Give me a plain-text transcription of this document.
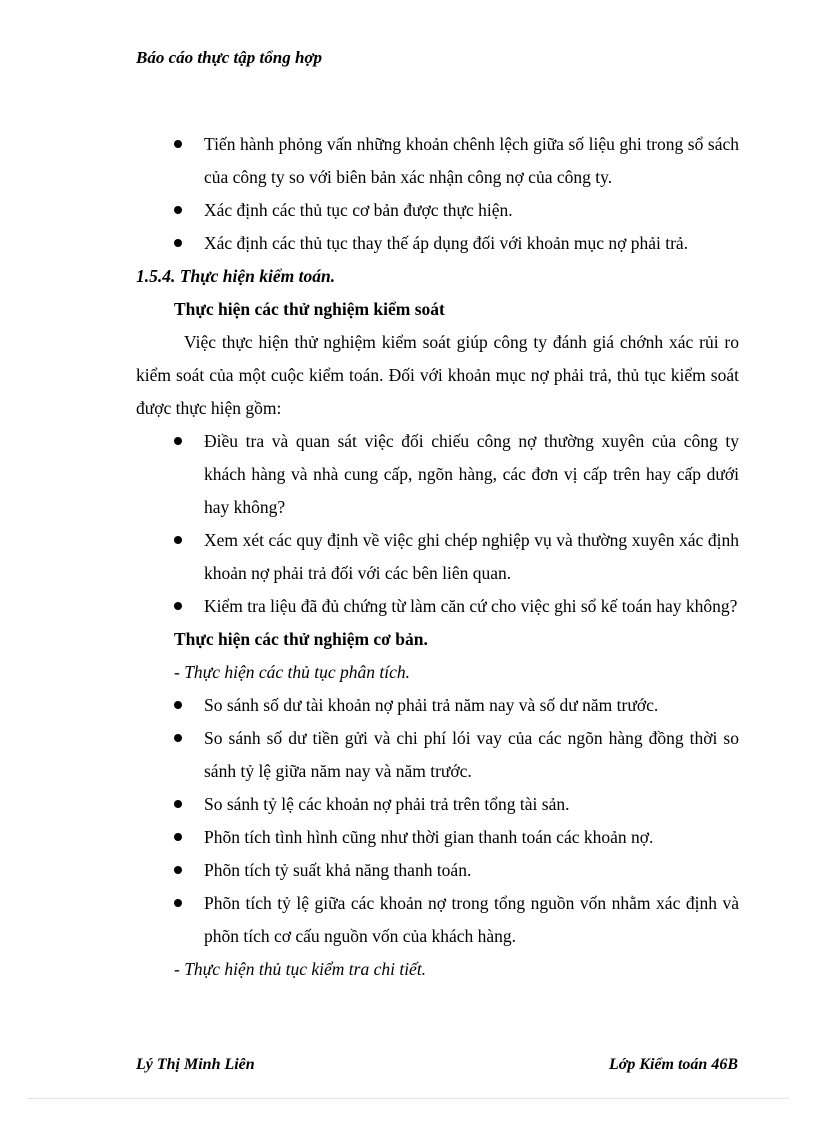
Báo cáo thực tập tổng hợp
Tiến hành phỏng vấn những khoản chênh lệch giữa số liệu ghi trong sổ sách của công ty so với biên bản xác nhận công nợ của công ty.
Xác định các thủ tục cơ bản được thực hiện.
Xác định các thủ tục thay thế áp dụng đối với khoản mục nợ phải trả.
1.5.4. Thực hiện kiểm toán.
Thực hiện các thử nghiệm kiểm soát
Việc thực hiện thử nghiệm kiểm soát giúp công ty đánh giá chớnh xác rủi ro kiểm soát của một cuộc kiểm toán. Đối với khoản mục nợ phải trả, thủ tục kiểm soát được thực hiện gồm:
Điều tra và quan sát việc đối chiếu công nợ thường xuyên của công ty khách hàng và nhà cung cấp, ngõn hàng, các đơn vị cấp trên hay cấp dưới hay không?
Xem xét các quy định về việc ghi chép nghiệp vụ và thường xuyên xác định khoản nợ phải trả đối với các bên liên quan.
Kiểm tra liệu đã đủ chứng từ làm căn cứ cho việc ghi sổ kế toán hay không?
Thực hiện các thử nghiệm cơ bản.
- Thực hiện các thủ tục phân tích.
So sánh số dư tài khoản nợ phải trả năm nay và số dư năm trước.
So sánh số dư tiền gửi và chi phí lói vay của các ngõn hàng đồng thời so sánh tỷ lệ giữa năm nay và năm trước.
So sánh tỷ lệ các khoản nợ phải trả trên tổng tài sản.
Phõn tích tình hình cũng như thời gian thanh toán các khoản nợ.
Phõn tích tỷ suất khả năng thanh toán.
Phõn tích tỷ lệ giữa các khoản nợ trong tổng nguồn vốn nhằm xác định và phõn tích cơ cấu nguồn vốn của khách hàng.
- Thực hiện thủ tục kiểm tra chi tiết.
Lý Thị Minh Liên	Lớp Kiểm toán 46B
